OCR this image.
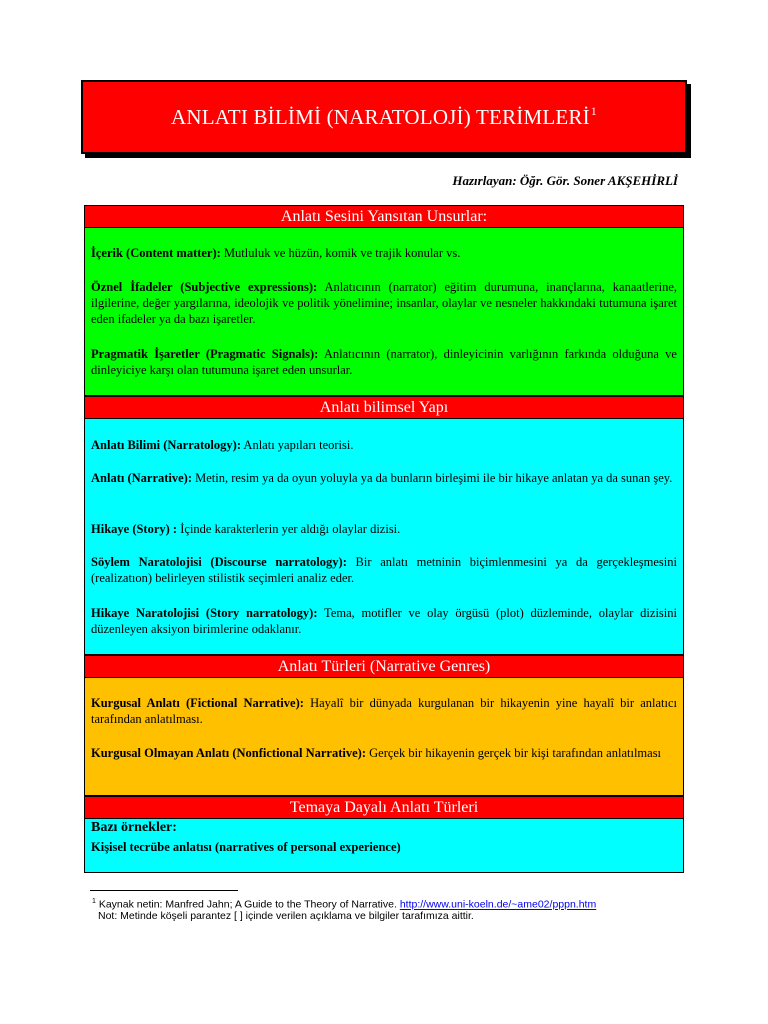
ANLATI BİLİMİ (NARATOLOJİ) TERİMLERİ$^1$
Hazırlayan: Öğr. Gör. Soner AKŞEHİRLİ
Anlatı Sesini Yansıtan Unsurlar:
İçerik (Content matter): Mutluluk ve hüzün, komik ve trajik konular vs.
Öznel İfadeler (Subjective expressions): Anlatıcının (narrator) eğitim durumuna, inançlarına, kanaatlerine, ilgilerine, değer yargılarına, ideolojik ve politik yönelimine; insanlar, olaylar ve nesneler hakkındaki tutumuna işaret eden ifadeler ya da bazı işaretler.
Pragmatik İşaretler (Pragmatic Signals): Anlatıcının (narrator), dinleyicinin varlığının farkında olduğuna ve dinleyiciye karşı olan tutumuna işaret eden unsurlar.
Anlatı bilimsel Yapı
Anlatı Bilimi (Narratology): Anlatı yapıları teorisi.
Anlatı (Narrative): Metin, resim ya da oyun yoluyla ya da bunların birleşimi ile bir hikaye anlatan ya da sunan şey.
Hikaye (Story) : İçinde karakterlerin yer aldığı olaylar dizisi.
Söylem Naratolojisi (Discourse narratology): Bir anlatı metninin biçimlenmesini ya da gerçekleşmesini (realizatıon) belirleyen stilistik seçimleri analiz eder.
Hikaye Naratolojisi (Story narratology): Tema, motifler ve olay örgüsü (plot) düzleminde, olaylar dizisini düzenleyen aksiyon birimlerine odaklanır.
Anlatı Türleri (Narrative Genres)
Kurgusal Anlatı (Fictional Narrative): Hayalî bir dünyada kurgulanan bir hikayenin yine hayalî bir anlatıcı tarafından anlatılması.
Kurgusal Olmayan Anlatı (Nonfictional Narrative): Gerçek bir hikayenin gerçek bir kişi tarafından anlatılması
Temaya Dayalı Anlatı Türleri
Bazı örnekler:
Kişisel tecrübe anlatısı (narratives of personal experience)
$^1$ Kaynak netin: Manfred Jahn; A Guide to the Theory of Narrative. http://www.uni-koeln.de/~ame02/pppn.htm
Not: Metinde köşeli parantez [ ] içinde verilen açıklama ve bilgiler tarafımıza aittir.
